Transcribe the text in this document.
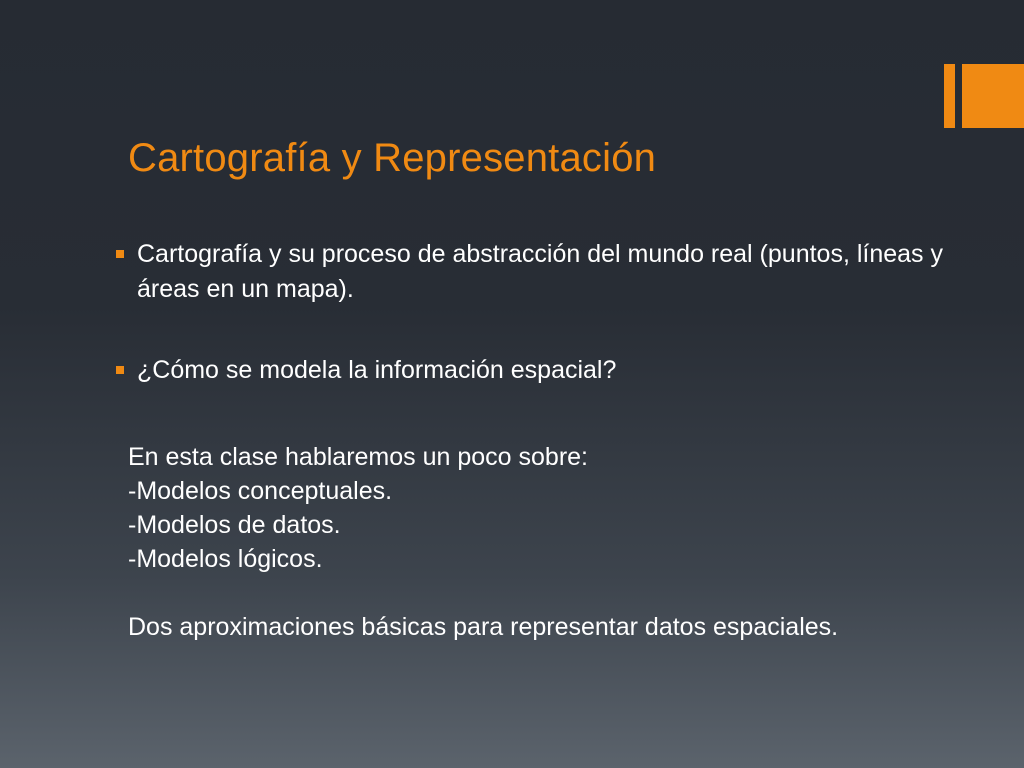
Cartografía y Representación
Cartografía y su proceso de abstracción del mundo real (puntos, líneas y áreas en un mapa).
¿Cómo se modela la información espacial?
En esta clase hablaremos un poco sobre:
-Modelos conceptuales.
-Modelos de datos.
-Modelos lógicos.
Dos aproximaciones básicas para representar datos espaciales.
